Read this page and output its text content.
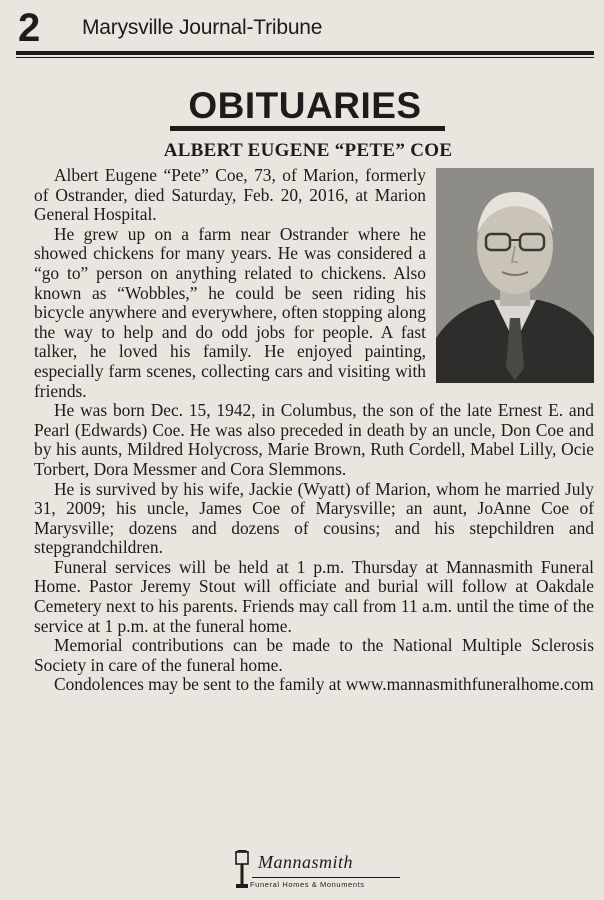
2	Marysville Journal-Tribune
OBITUARIES
ALBERT EUGENE “PETE” COE

Albert Eugene “Pete” Coe, 73, of Marion, formerly of Ostrander, died Saturday, Feb. 20, 2016, at Marion General Hospital.

He grew up on a farm near Ostrander where he showed chickens for many years. He was considered a “go to” person on anything related to chickens. Also known as “Wobbles,” he could be seen riding his bicycle anywhere and everywhere, often stopping along the way to help and do odd jobs for people. A fast talker, he loved his family. He enjoyed painting, especially farm scenes, collecting cars and visiting with friends.

He was born Dec. 15, 1942, in Columbus, the son of the late Ernest E. and Pearl (Edwards) Coe. He was also preceded in death by an uncle, Don Coe and by his aunts, Mildred Holycross, Marie Brown, Ruth Cordell, Mabel Lilly, Ocie Torbert, Dora Messmer and Cora Slemmons.

He is survived by his wife, Jackie (Wyatt) of Marion, whom he married July 31, 2009; his uncle, James Coe of Marysville; an aunt, JoAnne Coe of Marysville; dozens and dozens of cousins; and his stepchildren and stepgrandchildren.

Funeral services will be held at 1 p.m. Thursday at Mannasmith Funeral Home. Pastor Jeremy Stout will officiate and burial will follow at Oakdale Cemetery next to his parents. Friends may call from 11 a.m. until the time of the service at 1 p.m. at the funeral home.

Memorial contributions can be made to the National Multiple Sclerosis Society in care of the funeral home.

Condolences may be sent to the family at www.mannasmithfuneralhome.com

Mannasmith
Funeral Homes & Monuments
